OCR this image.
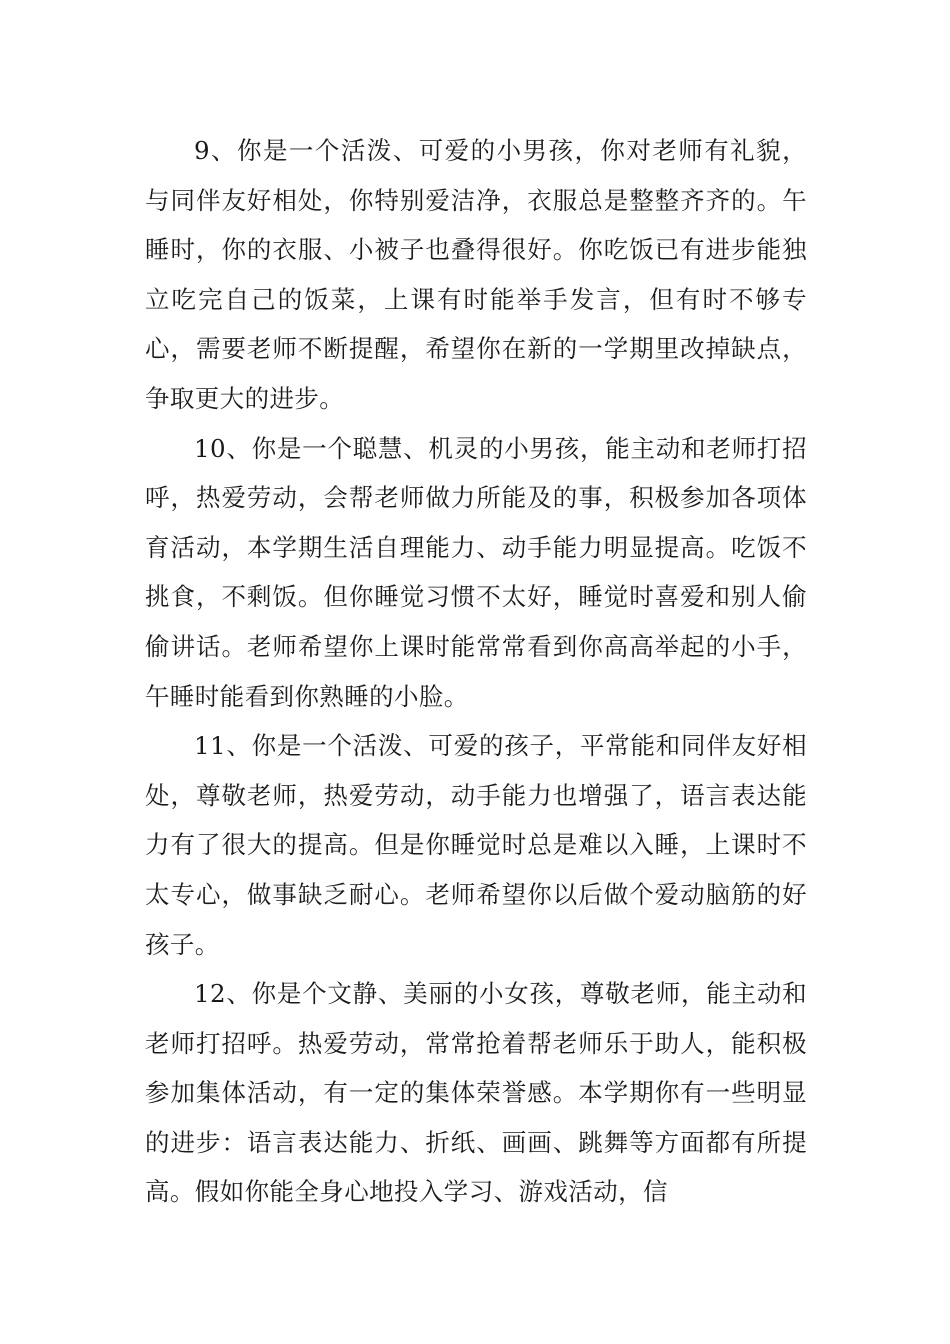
9、你是一个活泼、可爱的小男孩，你对老师有礼貌，与同伴友好相处，你特别爱洁净，衣服总是整整齐齐的。午睡时，你的衣服、小被子也叠得很好。你吃饭已有进步能独立吃完自己的饭菜，上课有时能举手发言，但有时不够专心，需要老师不断提醒，希望你在新的一学期里改掉缺点，争取更大的进步。

10、你是一个聪慧、机灵的小男孩，能主动和老师打招呼，热爱劳动，会帮老师做力所能及的事，积极参加各项体育活动，本学期生活自理能力、动手能力明显提高。吃饭不挑食，不剩饭。但你睡觉习惯不太好，睡觉时喜爱和别人偷偷讲话。老师希望你上课时能常常看到你高高举起的小手，午睡时能看到你熟睡的小脸。

11、你是一个活泼、可爱的孩子，平常能和同伴友好相处，尊敬老师，热爱劳动，动手能力也增强了，语言表达能力有了很大的提高。但是你睡觉时总是难以入睡，上课时不太专心，做事缺乏耐心。老师希望你以后做个爱动脑筋的好孩子。

12、你是个文静、美丽的小女孩，尊敬老师，能主动和老师打招呼。热爱劳动，常常抢着帮老师乐于助人，能积极参加集体活动，有一定的集体荣誉感。本学期你有一些明显的进步：语言表达能力、折纸、画画、跳舞等方面都有所提高。假如你能全身心地投入学习、游戏活动，信
